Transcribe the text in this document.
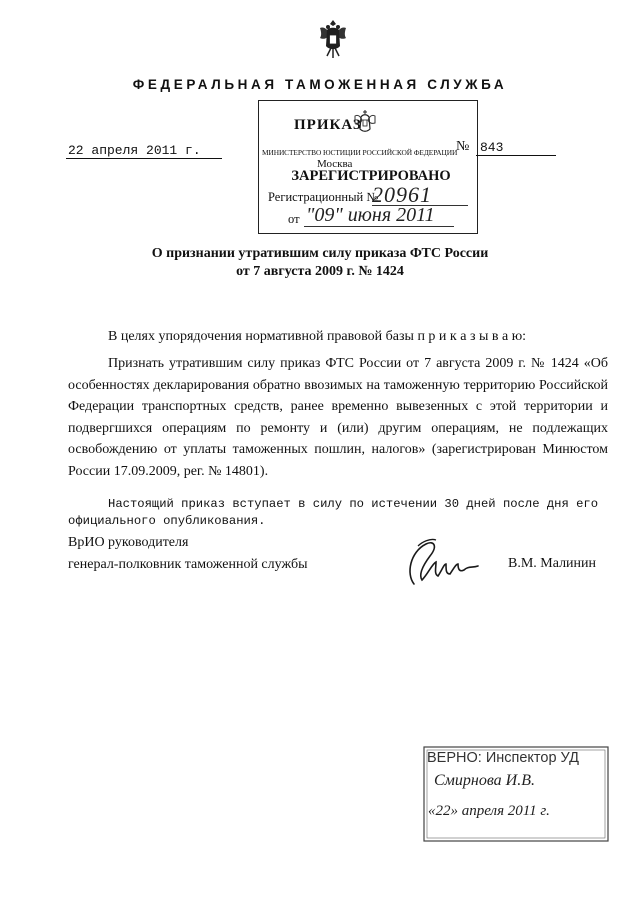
ФЕДЕРАЛЬНАЯ ТАМОЖЕННАЯ СЛУЖБА
22 апреля 2011 г.
ПРИКАЗ
МИНИСТЕРСТВО ЮСТИЦИИ РОССИЙСКОЙ ФЕДЕРАЦИИ
№ 843
Москва
ЗАРЕГИСТРИРОВАНО
Регистрационный №
20961
от "09" июня 2011
О признании утратившим силу приказа ФТС России
от 7 августа 2009 г. № 1424
В целях упорядочения нормативной правовой базы п р и к а з ы в а ю:

Признать утратившим силу приказ ФТС России от 7 августа 2009 г. № 1424 «Об особенностях декларирования обратно ввозимых на таможенную территорию Российской Федерации транспортных средств, ранее временно вывезенных с этой территории и подвергшихся операциям по ремонту и (или) другим операциям, не подлежащих освобождению от уплаты таможенных пошлин, налогов» (зарегистрирован Минюстом России 17.09.2009, рег. № 14801).

Настоящий приказ вступает в силу по истечении 30 дней после дня его официального опубликования.
ВрИО руководителя
генерал-полковник таможенной службы	В.М. Малинин
ВЕРНО: Инспектор УД
Смирнова И.В.
«22» апреля 2011 г.
